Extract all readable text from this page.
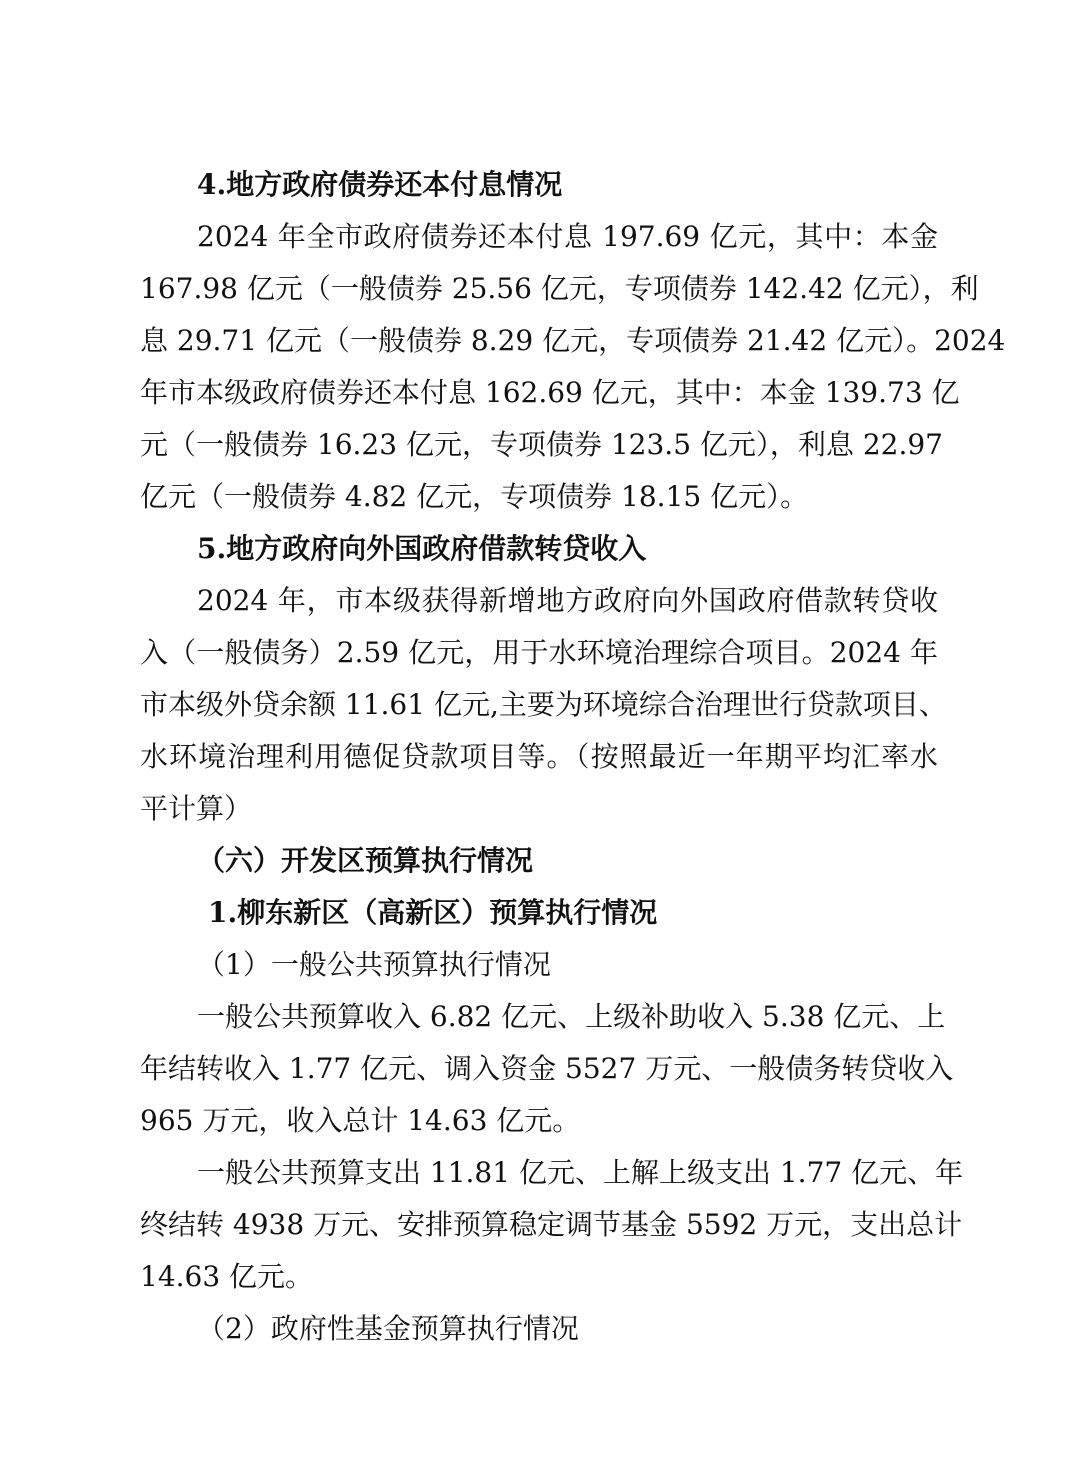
4.地方政府债券还本付息情况
2024 年全市政府债券还本付息 197.69 亿元，其中：本金
167.98 亿元（一般债券 25.56 亿元，专项债券 142.42 亿元），利
息 29.71 亿元（一般债券 8.29 亿元，专项债券 21.42 亿元）。2024
年市本级政府债券还本付息 162.69 亿元，其中：本金 139.73 亿
元（一般债券 16.23 亿元，专项债券 123.5 亿元），利息 22.97
亿元（一般债券 4.82 亿元，专项债券 18.15 亿元）。
5.地方政府向外国政府借款转贷收入
2024 年，市本级获得新增地方政府向外国政府借款转贷收
入（一般债务）2.59 亿元，用于水环境治理综合项目。2024 年
市本级外贷余额 11.61 亿元,主要为环境综合治理世行贷款项目、
水环境治理利用德促贷款项目等。（按照最近一年期平均汇率水
平计算）
（六）开发区预算执行情况
1.柳东新区（高新区）预算执行情况
（1）一般公共预算执行情况
一般公共预算收入 6.82 亿元、上级补助收入 5.38 亿元、上
年结转收入 1.77 亿元、调入资金 5527 万元、一般债务转贷收入
965 万元，收入总计 14.63 亿元。
一般公共预算支出 11.81 亿元、上解上级支出 1.77 亿元、年
终结转 4938 万元、安排预算稳定调节基金 5592 万元，支出总计
14.63 亿元。
（2）政府性基金预算执行情况
